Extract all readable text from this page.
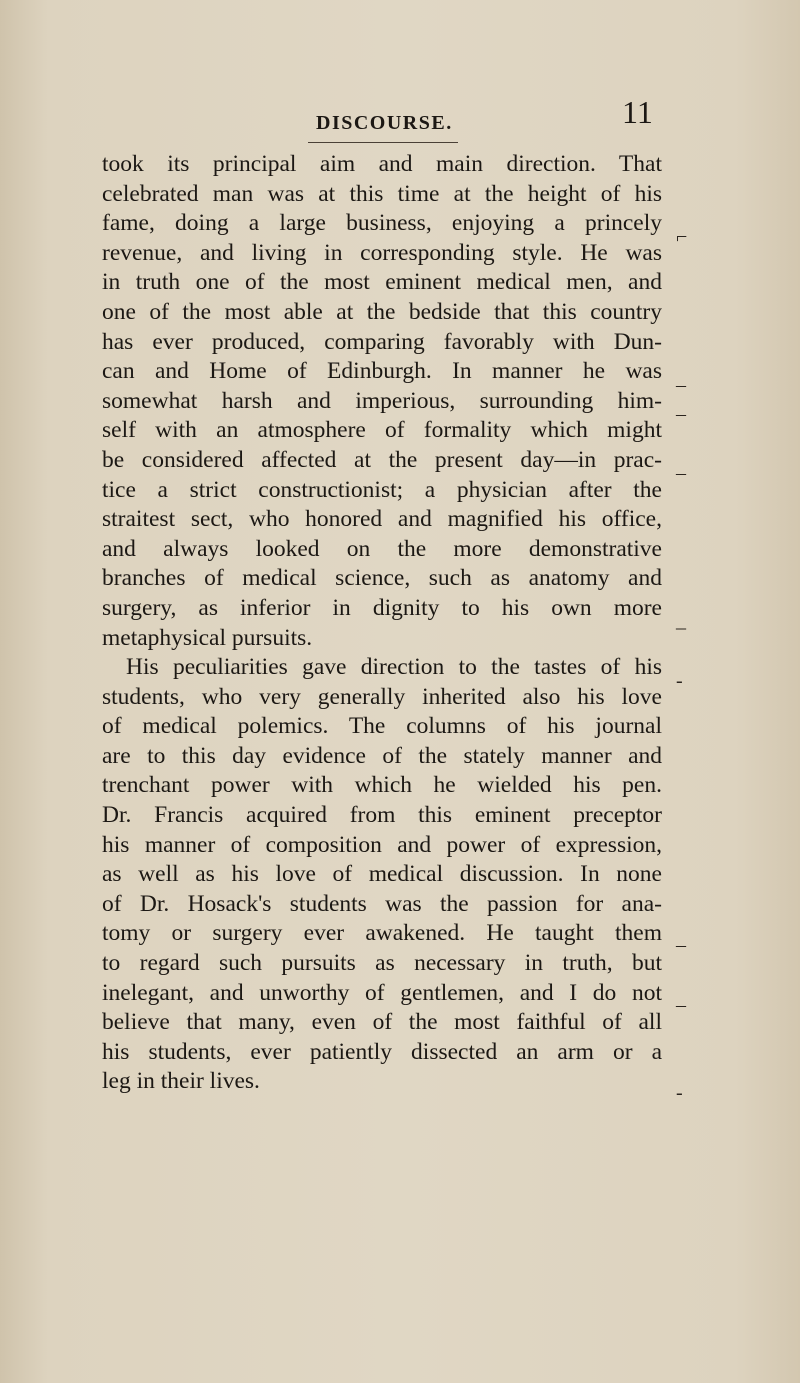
DISCOURSE.	11
took its principal aim and main direction. That
celebrated man was at this time at the height of his
fame, doing a large business, enjoying a princely
revenue, and living in corresponding style. He was
in truth one of the most eminent medical men, and
one of the most able at the bedside that this country
has ever produced, comparing favorably with Dun-
can and Home of Edinburgh. In manner he was
somewhat harsh and imperious, surrounding him-
self with an atmosphere of formality which might
be considered affected at the present day—in prac-
tice a strict constructionist; a physician after the
straitest sect, who honored and magnified his office,
and always looked on the more demonstrative
branches of medical science, such as anatomy and
surgery, as inferior in dignity to his own more
metaphysical pursuits.
His peculiarities gave direction to the tastes of his
students, who very generally inherited also his love
of medical polemics. The columns of his journal
are to this day evidence of the stately manner and
trenchant power with which he wielded his pen.
Dr. Francis acquired from this eminent preceptor
his manner of composition and power of expression,
as well as his love of medical discussion. In none
of Dr. Hosack's students was the passion for ana-
tomy or surgery ever awakened. He taught them
to regard such pursuits as necessary in truth, but
inelegant, and unworthy of gentlemen, and I do not
believe that many, even of the most faithful of all
his students, ever patiently dissected an arm or a
leg in their lives.
⌐
–
–
–
_
-
–
–
-
